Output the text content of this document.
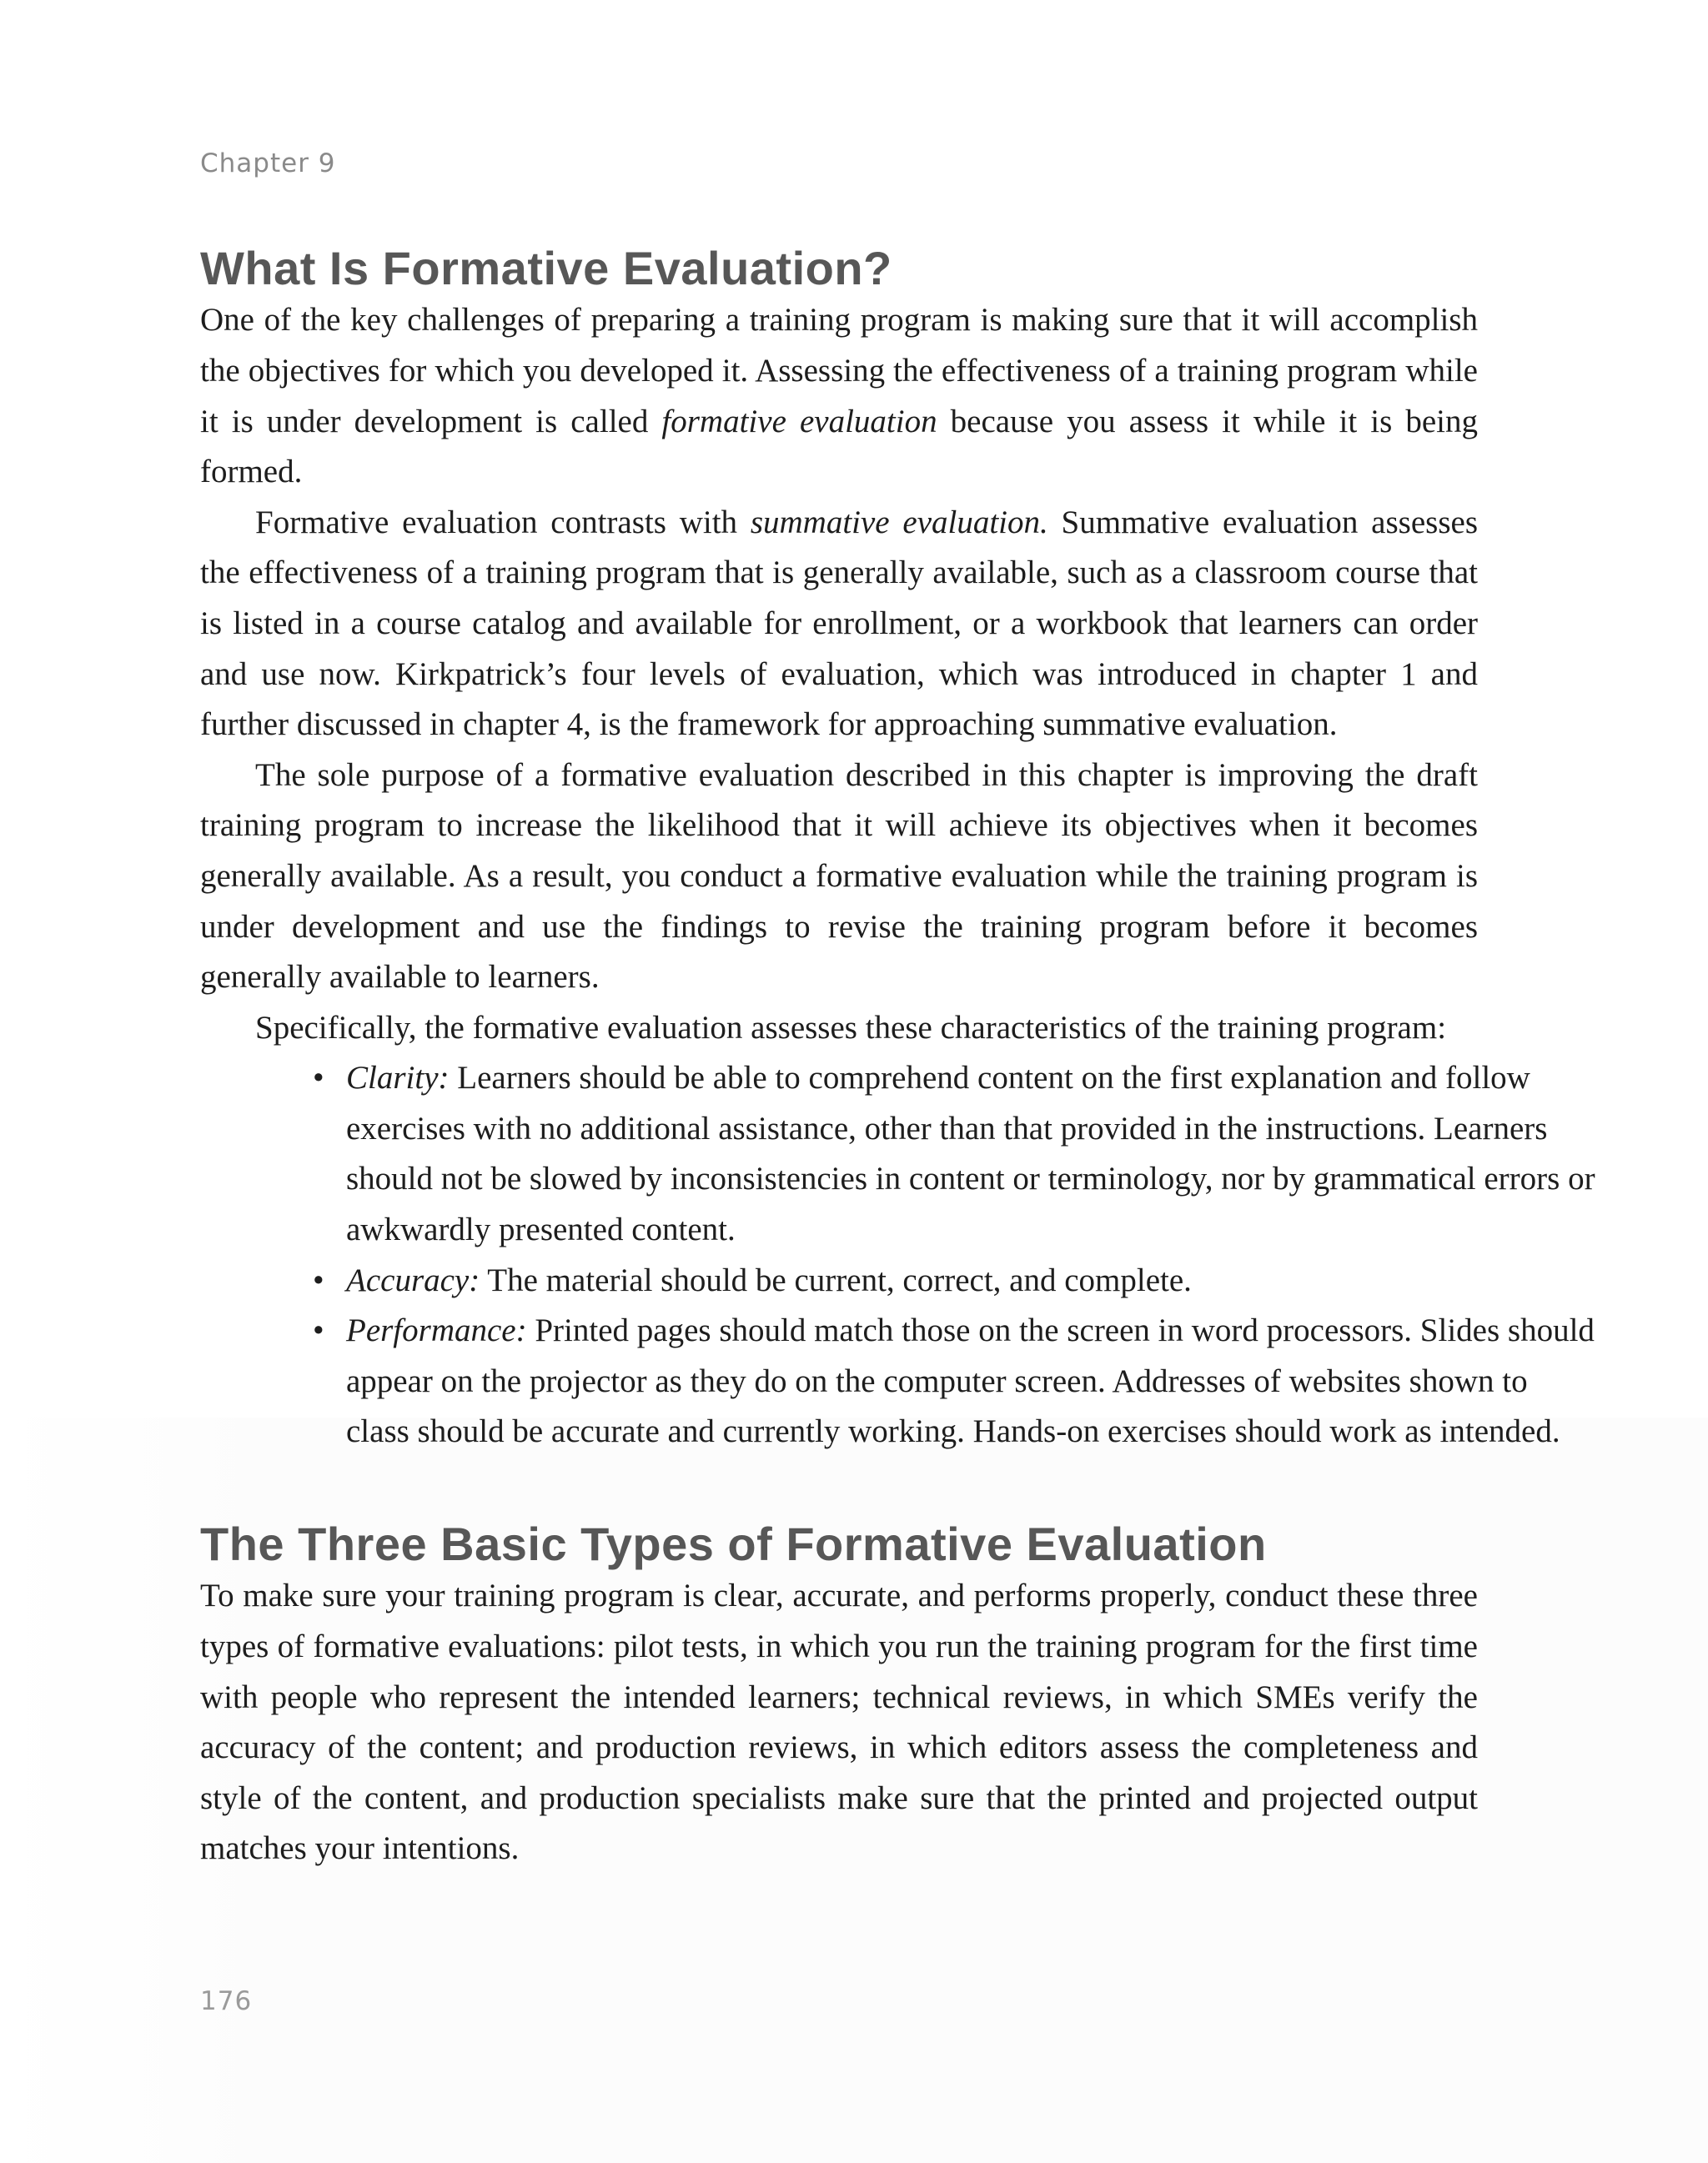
Chapter 9
What Is Formative Evaluation?

One of the key challenges of preparing a training program is making sure that it will accomplish the objectives for which you developed it. Assessing the effectiveness of a training program while it is under development is called formative evaluation because you assess it while it is being formed.

Formative evaluation contrasts with summative evaluation. Summative evaluation assesses the effectiveness of a training program that is generally available, such as a classroom course that is listed in a course catalog and available for enrollment, or a workbook that learners can order and use now. Kirkpatrick’s four levels of evaluation, which was introduced in chapter 1 and further discussed in chapter 4, is the framework for approaching summative evaluation.

The sole purpose of a formative evaluation described in this chapter is improving the draft training program to increase the likelihood that it will achieve its objectives when it becomes generally available. As a result, you conduct a formative evaluation while the training program is under development and use the findings to revise the training program before it becomes generally available to learners.

Specifically, the formative evaluation assesses these characteristics of the training program:

• Clarity: Learners should be able to comprehend content on the first explanation and follow exercises with no additional assistance, other than that provided in the instructions. Learners should not be slowed by inconsistencies in content or terminology, nor by grammatical errors or awkwardly presented content.
• Accuracy: The material should be current, correct, and complete.
• Performance: Printed pages should match those on the screen in word processors. Slides should appear on the projector as they do on the computer screen. Addresses of websites shown to class should be accurate and currently working. Hands-on exercises should work as intended.
The Three Basic Types of Formative Evaluation

To make sure your training program is clear, accurate, and performs properly, conduct these three types of formative evaluations: pilot tests, in which you run the training program for the first time with people who represent the intended learners; technical reviews, in which SMEs verify the accuracy of the content; and production reviews, in which editors assess the completeness and style of the content, and production specialists make sure that the printed and projected output matches your intentions.

176
